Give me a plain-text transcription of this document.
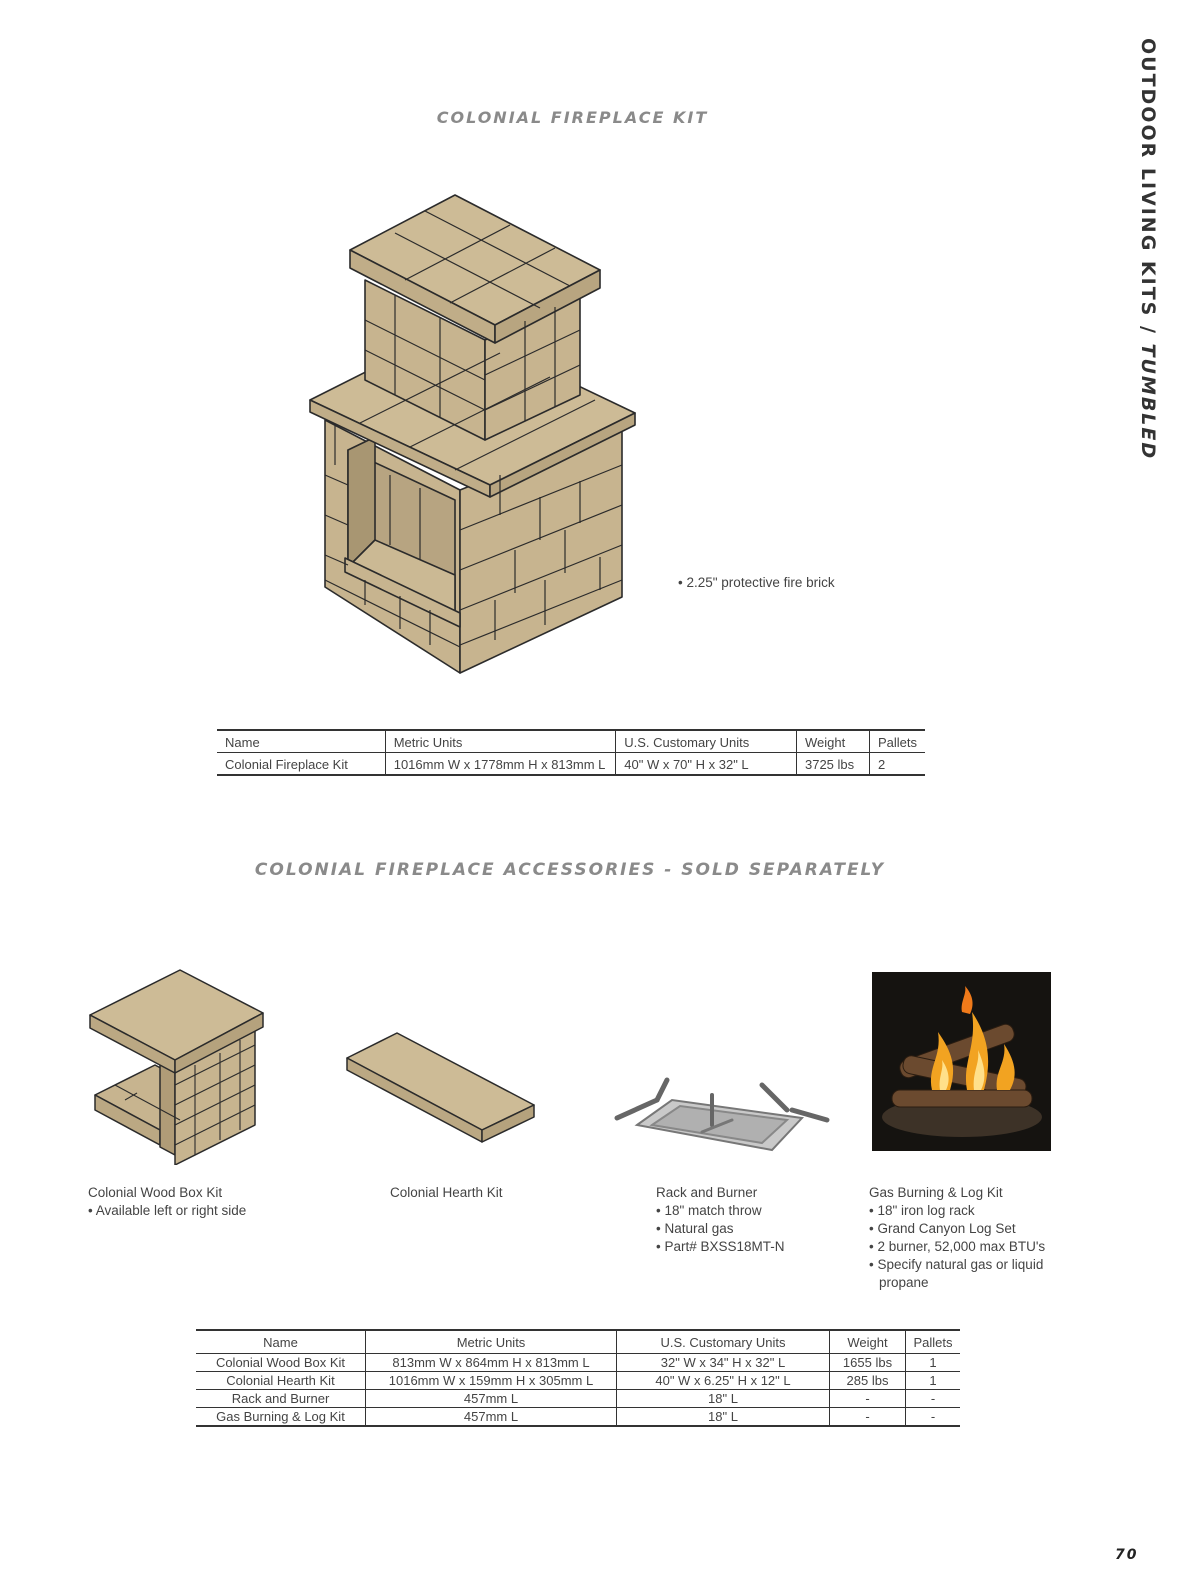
OUTDOOR LIVING KITS / TUMBLED
COLONIAL FIREPLACE KIT
• 2.25" protective fire brick
Name	Metric Units	U.S. Customary Units	Weight	Pallets
Colonial Fireplace Kit	1016mm W x 1778mm H x 813mm L	40" W x 70" H x 32" L	3725 lbs	2
COLONIAL FIREPLACE ACCESSORIES - SOLD SEPARATELY
Colonial Wood Box Kit
• Available left or right side
Colonial Hearth Kit	Rack and Burner
• 18" match throw
• Natural gas
• Part# BXSS18MT-N
Gas Burning & Log Kit
• 18" iron log rack
• Grand Canyon Log Set
• 2 burner, 52,000 max BTU's
• Specify natural gas or liquid propane
Name	Metric Units	U.S. Customary Units	Weight	Pallets
Colonial Wood Box Kit	813mm W x 864mm H x 813mm L	32" W x 34" H x 32" L	1655 lbs	1
Colonial Hearth Kit	1016mm W x 159mm H x 305mm L	40" W x 6.25" H x 12" L	285 lbs	1
Rack and Burner	457mm L	18" L	-	-
Gas Burning & Log Kit	457mm L	18" L	-	-
70
